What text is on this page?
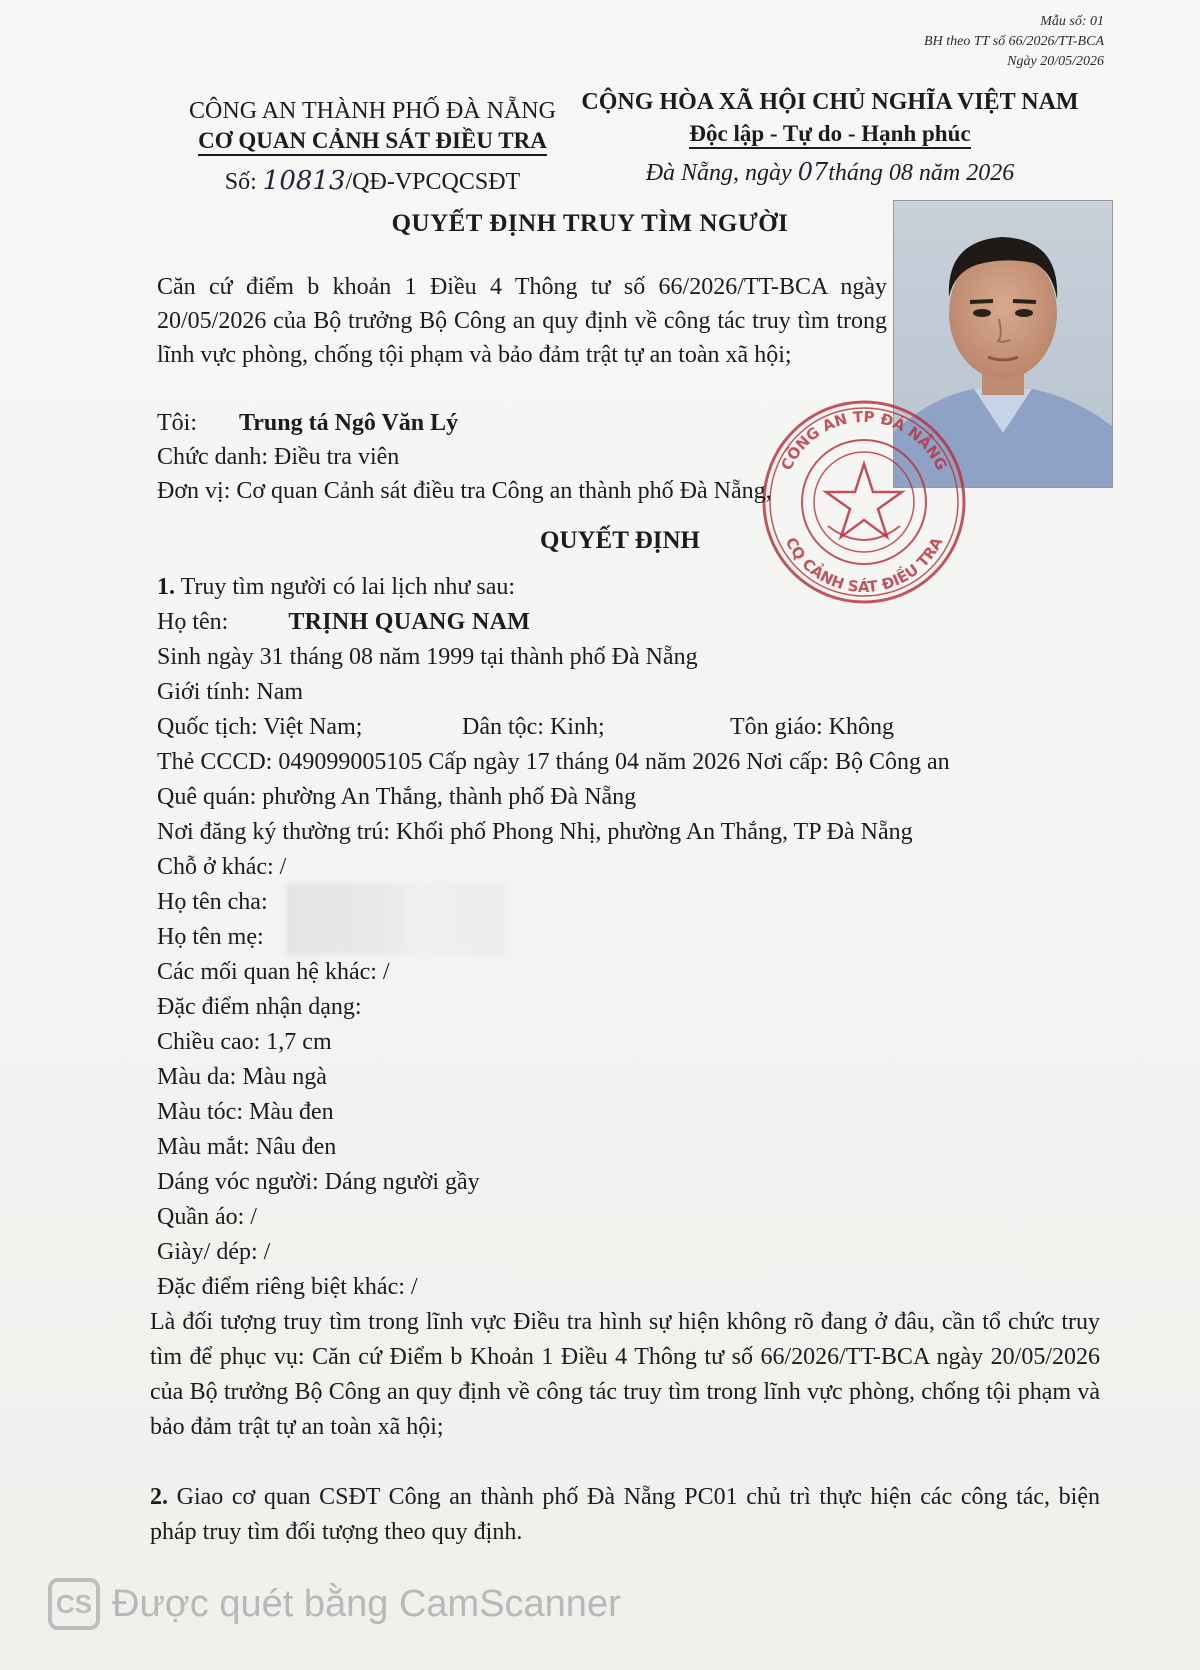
Mẫu số: 01
BH theo TT số 66/2026/TT-BCA
Ngày 20/05/2026
CÔNG AN THÀNH PHỐ ĐÀ NẴNG
CƠ QUAN CẢNH SÁT ĐIỀU TRA
Số: 10813/QĐ-VPCQCSĐT
CỘNG HÒA XÃ HỘI CHỦ NGHĨA VIỆT NAM
Độc lập - Tự do - Hạnh phúc
Đà Nẵng, ngày 07tháng 08 năm 2026
QUYẾT ĐỊNH TRUY TÌM NGƯỜI
CÔNG AN TP ĐÀ NẴNG
CQ CẢNH SÁT ĐIỀU TRA
Căn cứ điểm b khoản 1 Điều 4 Thông tư số 66/2026/TT-BCA ngày 20/05/2026 của Bộ trưởng Bộ Công an quy định về công tác truy tìm trong lĩnh vực phòng, chống tội phạm và bảo đảm trật tự an toàn xã hội;
Tôi: Trung tá Ngô Văn Lý
Chức danh: Điều tra viên
Đơn vị: Cơ quan Cảnh sát điều tra Công an thành phố Đà Nẵng,
QUYẾT ĐỊNH
1. Truy tìm người có lai lịch như sau:
Họ tên:	TRỊNH QUANG NAM
Sinh ngày 31 tháng 08 năm 1999 tại thành phố Đà Nẵng
Giới tính: Nam
Quốc tịch: Việt Nam;	Dân tộc: Kinh;	Tôn giáo: Không
Thẻ CCCD: 049099005105 Cấp ngày 17 tháng 04 năm 2026 Nơi cấp: Bộ Công an
Quê quán: phường An Thắng, thành phố Đà Nẵng
Nơi đăng ký thường trú: Khối phố Phong Nhị, phường An Thắng, TP Đà Nẵng
Chỗ ở khác: /
Họ tên cha:
Họ tên mẹ:
Các mối quan hệ khác: /
Đặc điểm nhận dạng:
Chiều cao: 1,7 cm
Màu da: Màu ngà
Màu tóc: Màu đen
Màu mắt: Nâu đen
Dáng vóc người: Dáng người gầy
Quần áo: /
Giày/ dép: /
Đặc điểm riêng biệt khác: /
Là đối tượng truy tìm trong lĩnh vực Điều tra hình sự hiện không rõ đang ở đâu, cần tổ chức truy tìm để phục vụ: Căn cứ Điểm b Khoản 1 Điều 4 Thông tư số 66/2026/TT-BCA ngày 20/05/2026 của Bộ trưởng Bộ Công an quy định về công tác truy tìm trong lĩnh vực phòng, chống tội phạm và bảo đảm trật tự an toàn xã hội;
2. Giao cơ quan CSĐT Công an thành phố Đà Nẵng PC01 chủ trì thực hiện các công tác, biện pháp truy tìm đối tượng theo quy định.
CS Được quét bằng CamScanner
